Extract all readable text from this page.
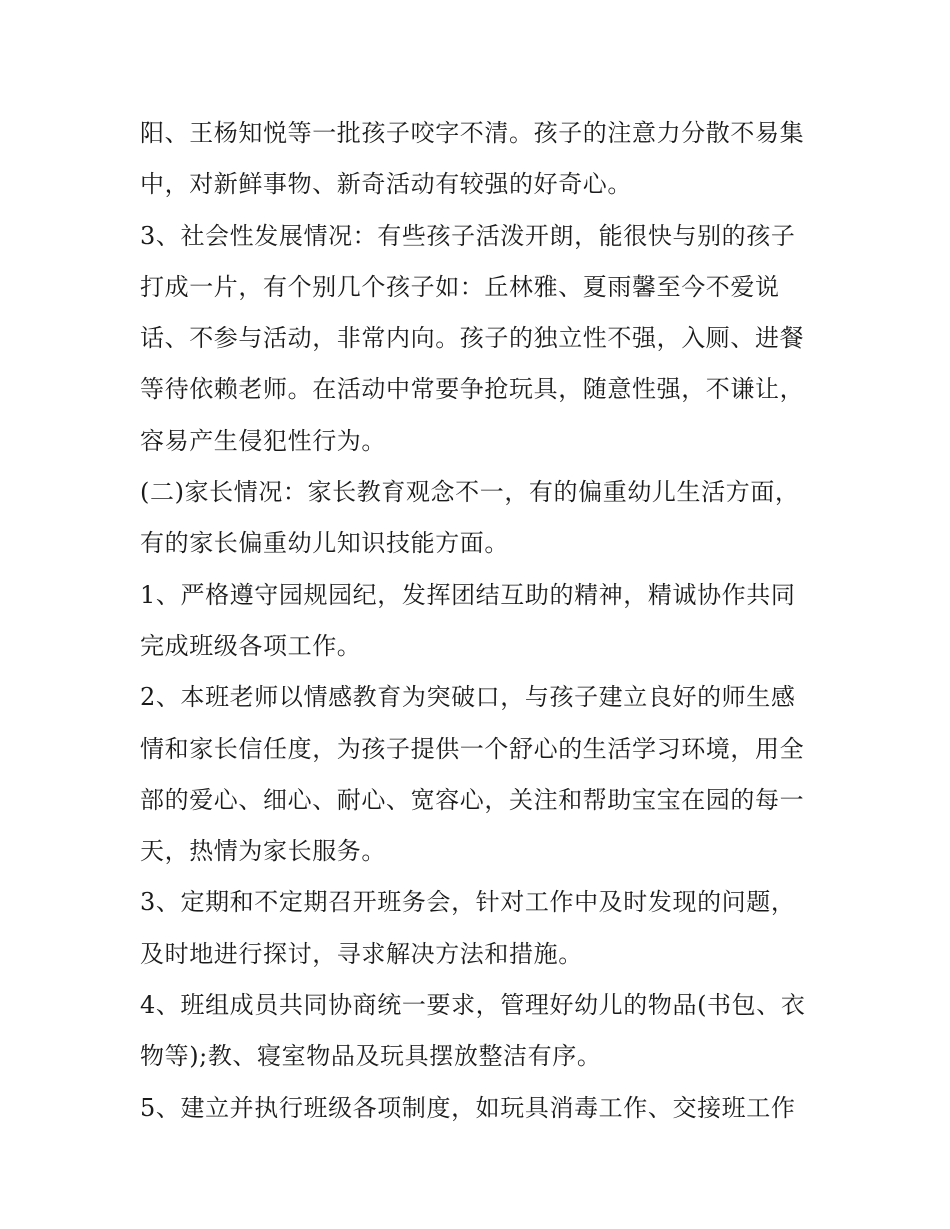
阳、王杨知悦等一批孩子咬字不清。孩子的注意力分散不易集
中，对新鲜事物、新奇活动有较强的好奇心。
3、社会性发展情况：有些孩子活泼开朗，能很快与别的孩子
打成一片，有个别几个孩子如：丘林雅、夏雨馨至今不爱说
话、不参与活动，非常内向。孩子的独立性不强，入厕、进餐
等待依赖老师。在活动中常要争抢玩具，随意性强，不谦让，
容易产生侵犯性行为。
(二)家长情况：家长教育观念不一，有的偏重幼儿生活方面，
有的家长偏重幼儿知识技能方面。
1、严格遵守园规园纪，发挥团结互助的精神，精诚协作共同
完成班级各项工作。
2、本班老师以情感教育为突破口，与孩子建立良好的师生感
情和家长信任度，为孩子提供一个舒心的生活学习环境，用全
部的爱心、细心、耐心、宽容心，关注和帮助宝宝在园的每一
天，热情为家长服务。
3、定期和不定期召开班务会，针对工作中及时发现的问题，
及时地进行探讨，寻求解决方法和措施。
4、班组成员共同协商统一要求，管理好幼儿的物品(书包、衣
物等);教、寝室物品及玩具摆放整洁有序。
5、建立并执行班级各项制度，如玩具消毒工作、交接班工作
